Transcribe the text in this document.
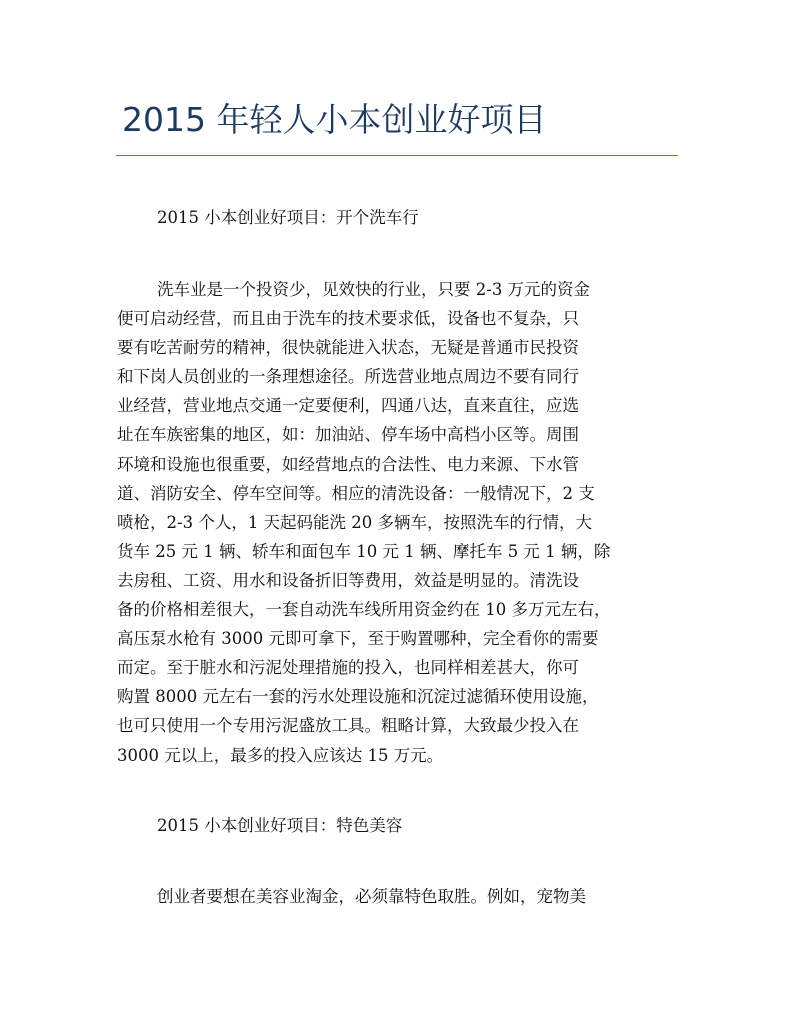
2015 年轻人小本创业好项目
2015 小本创业好项目：开个洗车行
洗车业是一个投资少，见效快的行业，只要 2-3 万元的资金
便可启动经营，而且由于洗车的技术要求低，设备也不复杂，只
要有吃苦耐劳的精神，很快就能进入状态，无疑是普通市民投资
和下岗人员创业的一条理想途径。所选营业地点周边不要有同行
业经营，营业地点交通一定要便利，四通八达，直来直往，应选
址在车族密集的地区，如：加油站、停车场中高档小区等。周围
环境和设施也很重要，如经营地点的合法性、电力来源、下水管
道、消防安全、停车空间等。相应的清洗设备：一般情况下，2 支
喷枪，2-3 个人，1 天起码能洗 20 多辆车，按照洗车的行情，大
货车 25 元 1 辆、轿车和面包车 10 元 1 辆、摩托车 5 元 1 辆，除
去房租、工资、用水和设备折旧等费用，效益是明显的。清洗设
备的价格相差很大，一套自动洗车线所用资金约在 10 多万元左右，
高压泵水枪有 3000 元即可拿下，至于购置哪种，完全看你的需要
而定。至于脏水和污泥处理措施的投入，也同样相差甚大，你可
购置 8000 元左右一套的污水处理设施和沉淀过滤循环使用设施，
也可只使用一个专用污泥盛放工具。粗略计算，大致最少投入在
3000 元以上，最多的投入应该达 15 万元。
2015 小本创业好项目：特色美容
创业者要想在美容业淘金，必须靠特色取胜。例如，宠物美
